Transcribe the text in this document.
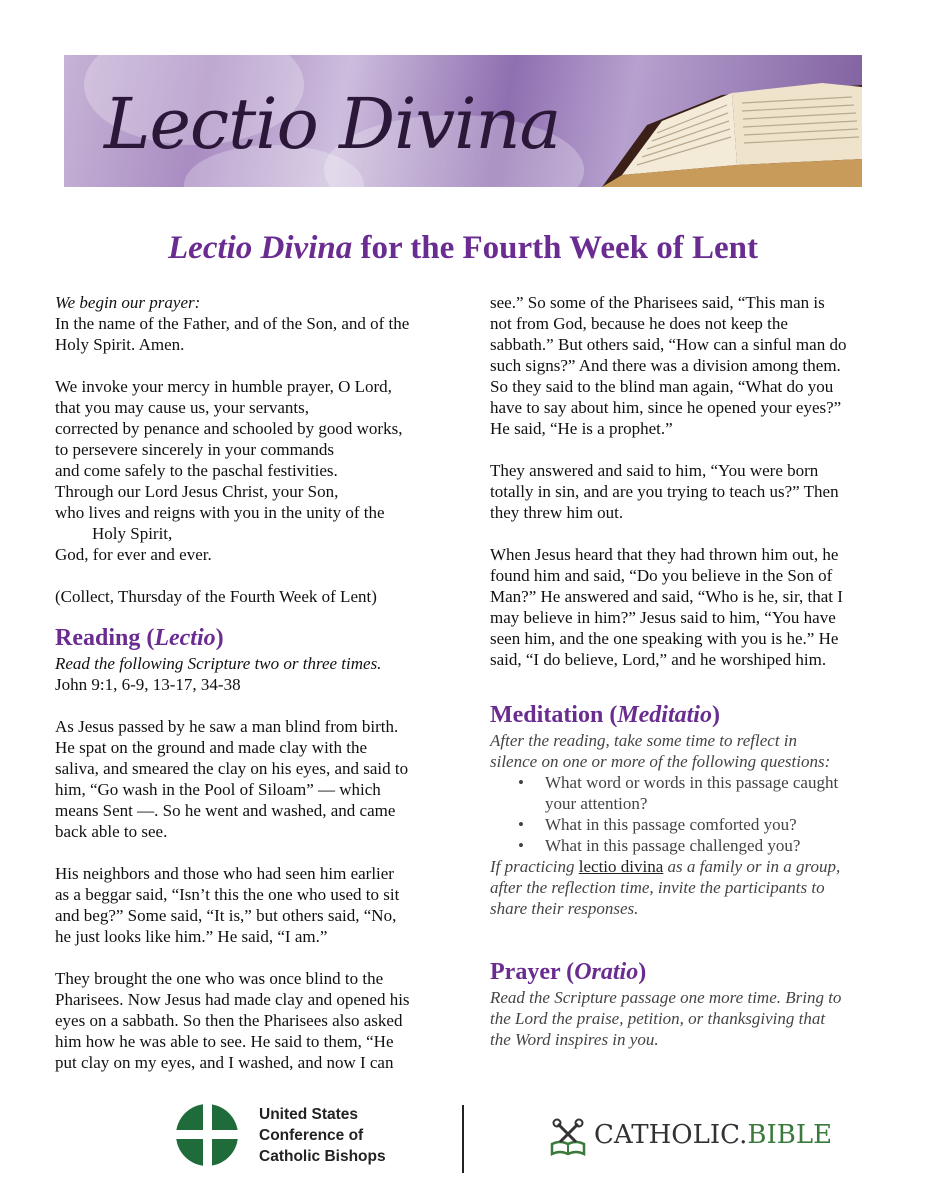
Lectio Divina
Lectio Divina for the Fourth Week of Lent
We begin our prayer:
In the name of the Father, and of the Son, and of the
Holy Spirit. Amen.
We invoke your mercy in humble prayer, O Lord,
that you may cause us, your servants,
corrected by penance and schooled by good works,
to persevere sincerely in your commands
and come safely to the paschal festivities.
Through our Lord Jesus Christ, your Son,
who lives and reigns with you in the unity of the
Holy Spirit,
God, for ever and ever.
(Collect, Thursday of the Fourth Week of Lent)
Reading (Lectio)
Read the following Scripture two or three times.
John 9:1, 6-9, 13-17, 34-38
As Jesus passed by he saw a man blind from birth.
He spat on the ground and made clay with the
saliva, and smeared the clay on his eyes, and said to
him, “Go wash in the Pool of Siloam” — which
means Sent —. So he went and washed, and came
back able to see.
His neighbors and those who had seen him earlier
as a beggar said, “Isn’t this the one who used to sit
and beg?” Some said, “It is,” but others said, “No,
he just looks like him.” He said, “I am.”
They brought the one who was once blind to the
Pharisees. Now Jesus had made clay and opened his
eyes on a sabbath. So then the Pharisees also asked
him how he was able to see. He said to them, “He
put clay on my eyes, and I washed, and now I can
see.” So some of the Pharisees said, “This man is
not from God, because he does not keep the
sabbath.” But others said, “How can a sinful man do
such signs?” And there was a division among them.
So they said to the blind man again, “What do you
have to say about him, since he opened your eyes?”
He said, “He is a prophet.”
They answered and said to him, “You were born
totally in sin, and are you trying to teach us?” Then
they threw him out.
When Jesus heard that they had thrown him out, he
found him and said, “Do you believe in the Son of
Man?” He answered and said, “Who is he, sir, that I
may believe in him?” Jesus said to him, “You have
seen him, and the one speaking with you is he.” He
said, “I do believe, Lord,” and he worshiped him.
Meditation (Meditatio)
After the reading, take some time to reflect in
silence on one or more of the following questions:
• What word or words in this passage caught
your attention?
• What in this passage comforted you?
• What in this passage challenged you?
If practicing lectio divina as a family or in a group,
after the reflection time, invite the participants to
share their responses.
Prayer (Oratio)
Read the Scripture passage one more time. Bring to
the Lord the praise, petition, or thanksgiving that
the Word inspires in you.
United States
Conference of
Catholic Bishops
CATHOLIC.BIBLE
